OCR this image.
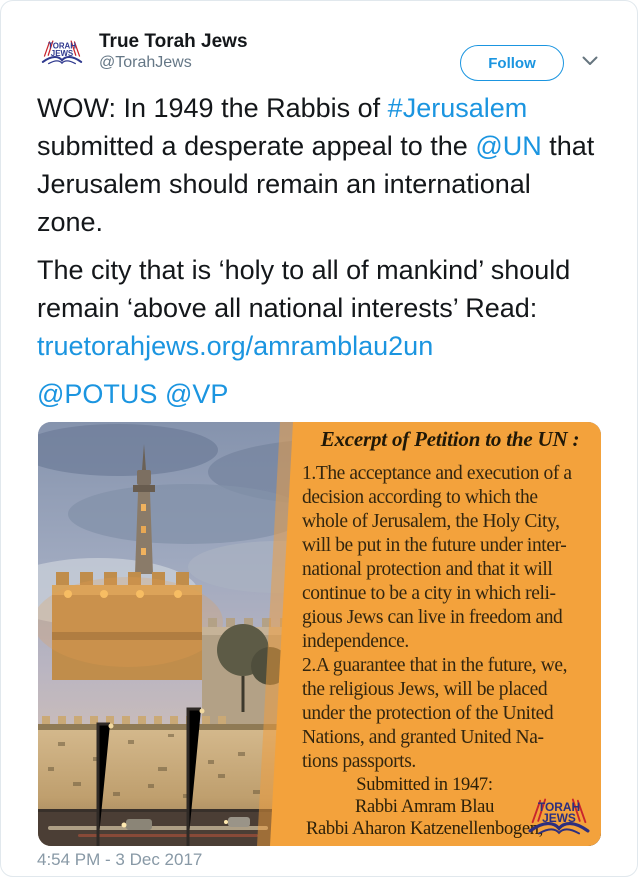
TORAH
JEWS
True Torah Jews
@TorahJews	Follow

WOW: In 1949 the Rabbis of #Jerusalem submitted a desperate appeal to the @UN that Jerusalem should remain an international zone.

The city that is ‘holy to all of mankind’ should remain ‘above all national interests’ Read: truetorahjews.org/amramblau2un

@POTUS @VP

Excerpt of Petition to the UN :
1.The acceptance and execution of a
decision according to which the
whole of Jerusalem, the Holy City,
will be put in the future under inter-
national protection and that it will
continue to be a city in which reli-
gious Jews can live in freedom and
independence.
2.A guarantee that in the future, we,
the religious Jews, will be placed
under the protection of the United
Nations, and granted United Na-
tions passports.
Submitted in 1947:
Rabbi Amram Blau
Rabbi Aharon Katzenellenbogen,
TORAH
JEWS
4:54 PM - 3 Dec 2017
